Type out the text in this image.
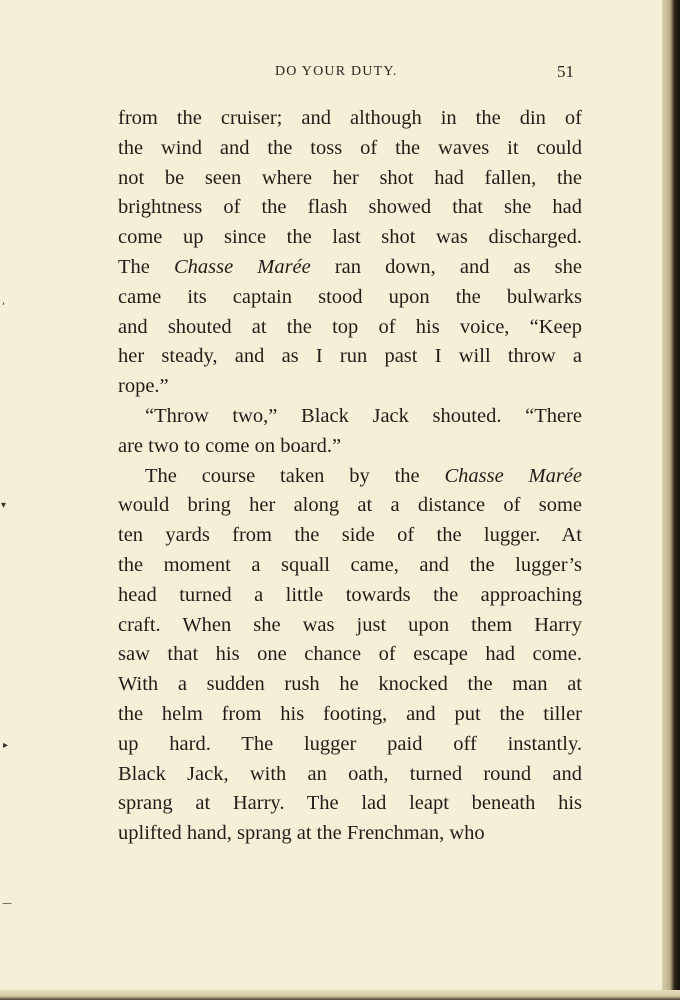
,
▾
▸
—
DO YOUR DUTY.	51
from the cruiser; and although in the din of
the wind and the toss of the waves it could
not be seen where her shot had fallen, the
brightness of the flash showed that she had
come up since the last shot was discharged.
The Chasse Marée ran down, and as she
came its captain stood upon the bulwarks
and shouted at the top of his voice, “Keep
her steady, and as I run past I will throw a
rope.”
“Throw two,” Black Jack shouted. “There
are two to come on board.”
The course taken by the Chasse Marée
would bring her along at a distance of some
ten yards from the side of the lugger. At
the moment a squall came, and the lugger’s
head turned a little towards the approaching
craft. When she was just upon them Harry
saw that his one chance of escape had come.
With a sudden rush he knocked the man at
the helm from his footing, and put the tiller
up hard. The lugger paid off instantly.
Black Jack, with an oath, turned round and
sprang at Harry. The lad leapt beneath his
uplifted hand, sprang at the Frenchman, who
